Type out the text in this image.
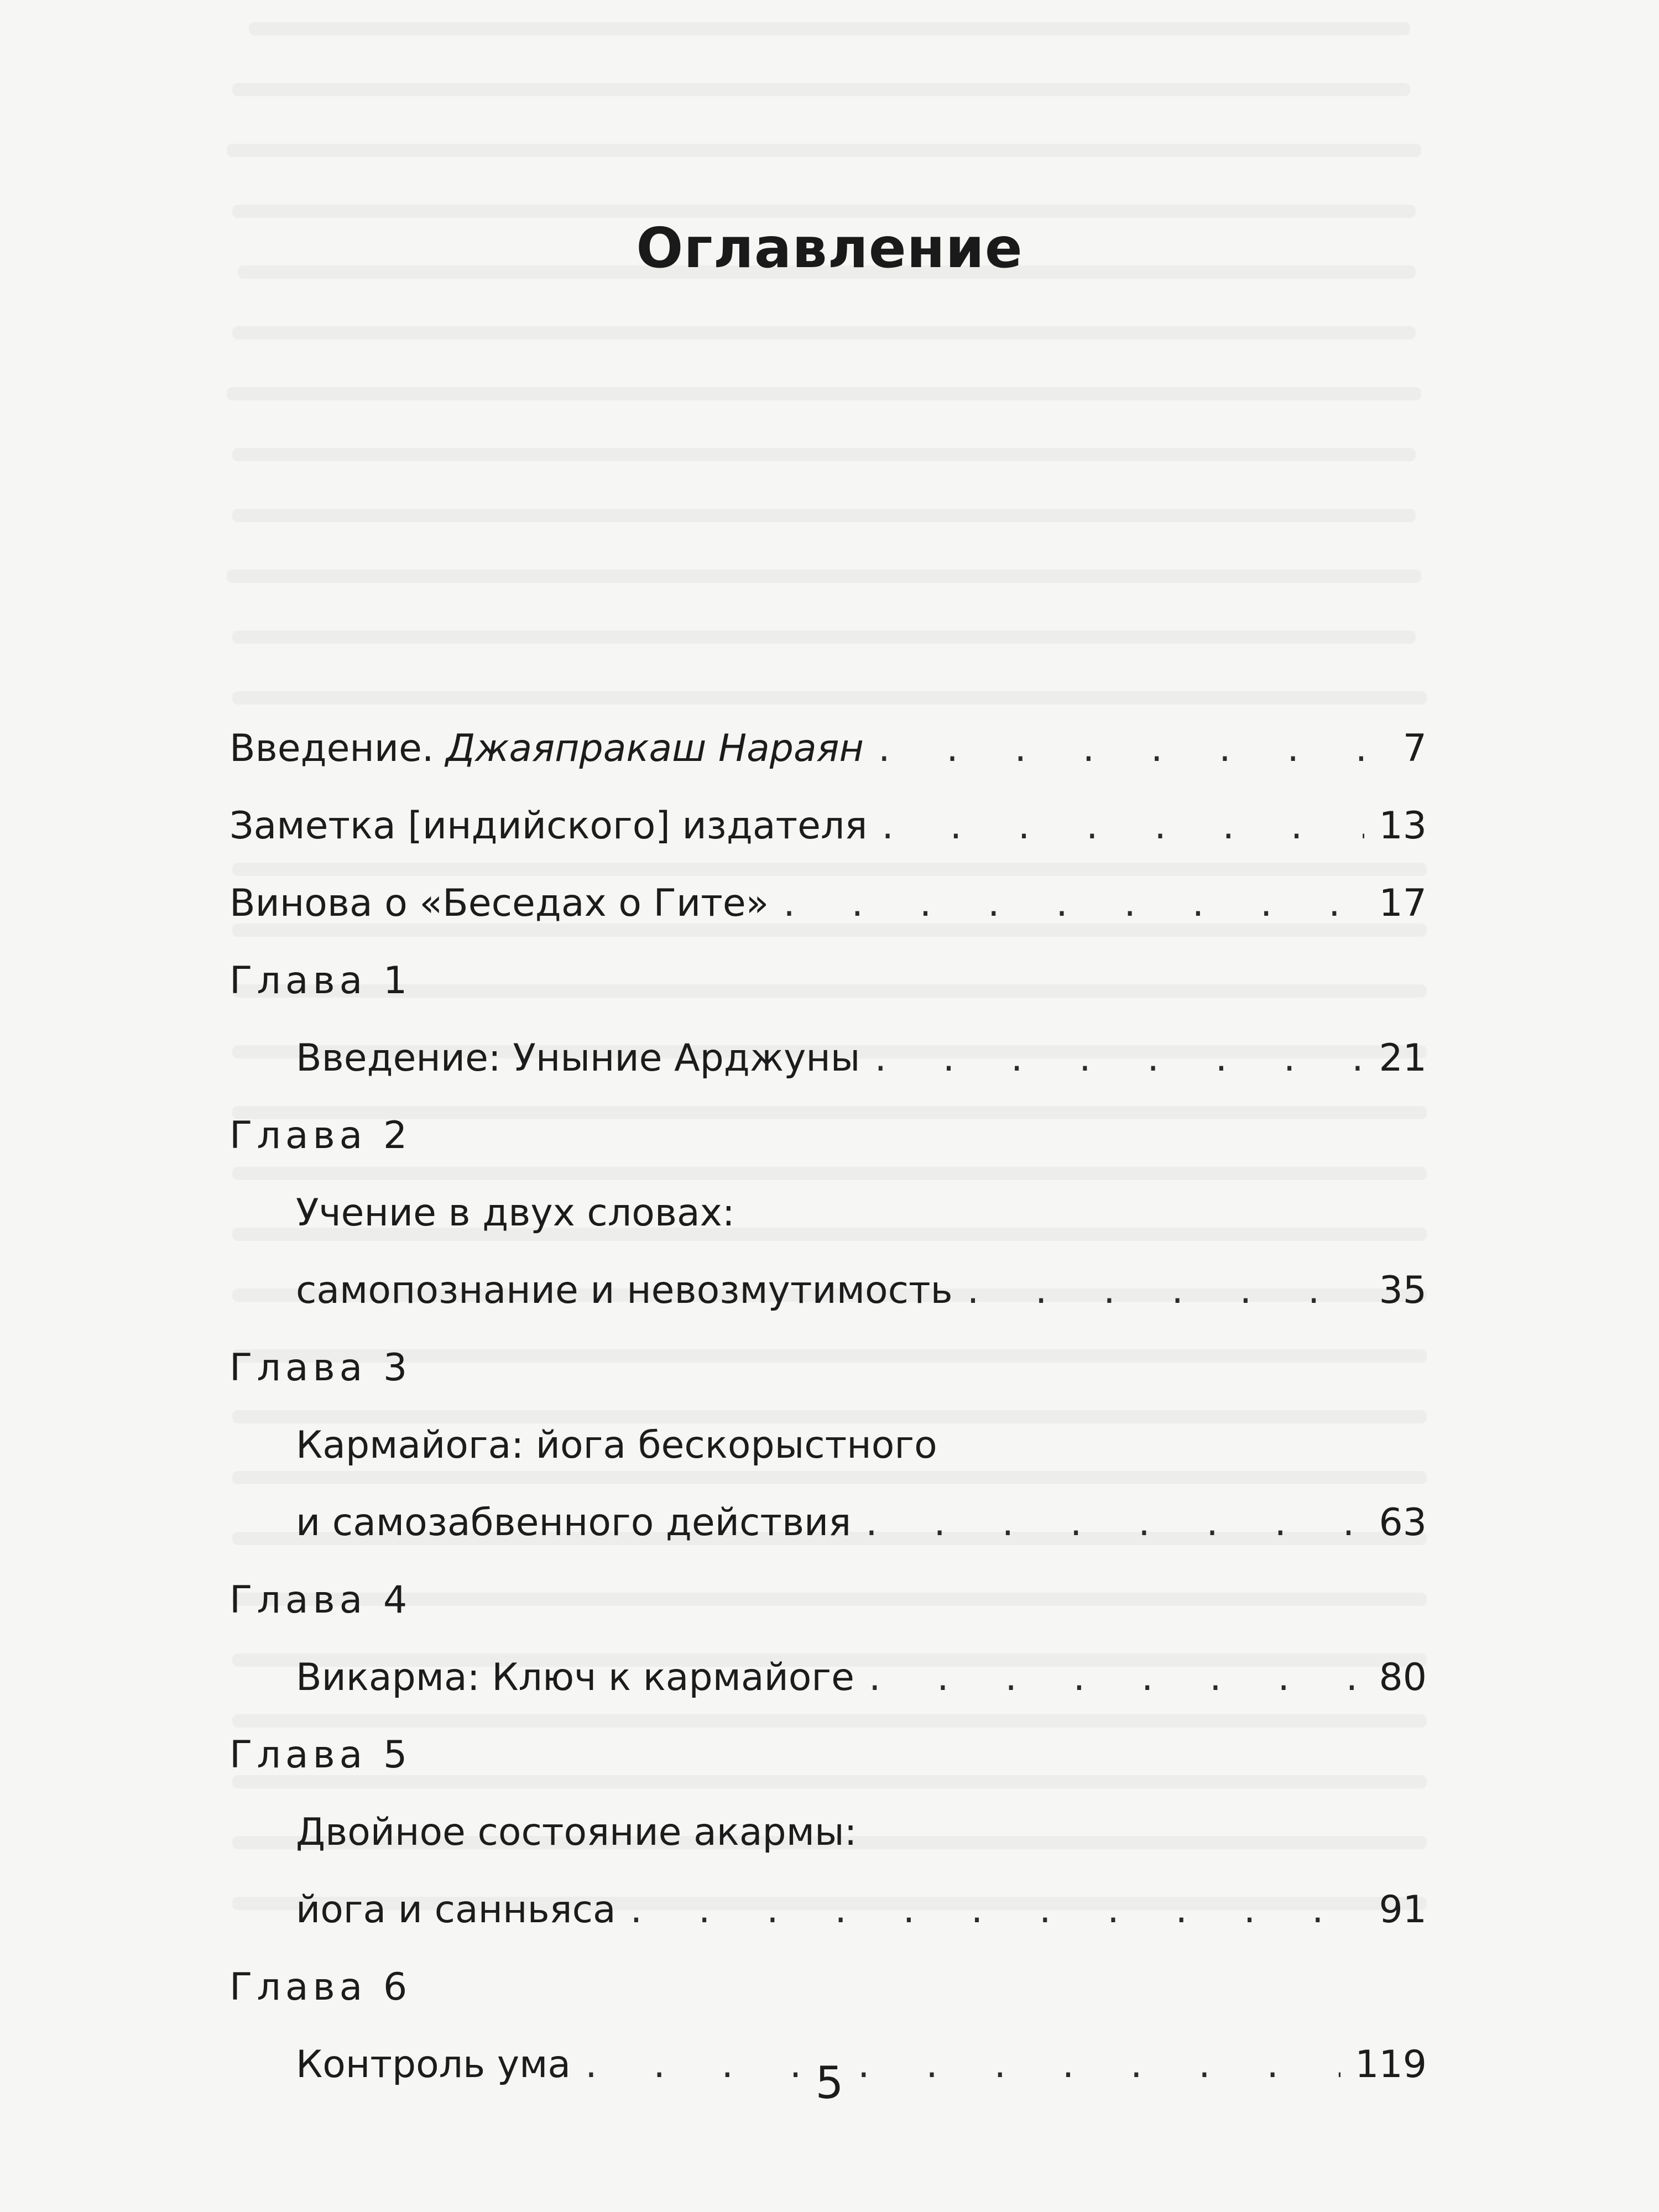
Оглавление
Введение. Джаяпракаш Нараян . . .	7
Заметка [индийского] издателя . . .	13
Винова о «Беседах о Гите» . . .	17
Глава 1
Введение: Уныние Арджуны . . .	21
Глава 2
Учение в двух словах:
самопознание и невозмутимость . . .	35
Глава 3
Кармайога: йога бескорыстного
и самозабвенного действия . . .	63
Глава 4
Викарма: Ключ к кармайоге . . .	80
Глава 5
Двойное состояние акармы:
йога и санньяса . . .	91
Глава 6
Контроль ума . . .	119
5
